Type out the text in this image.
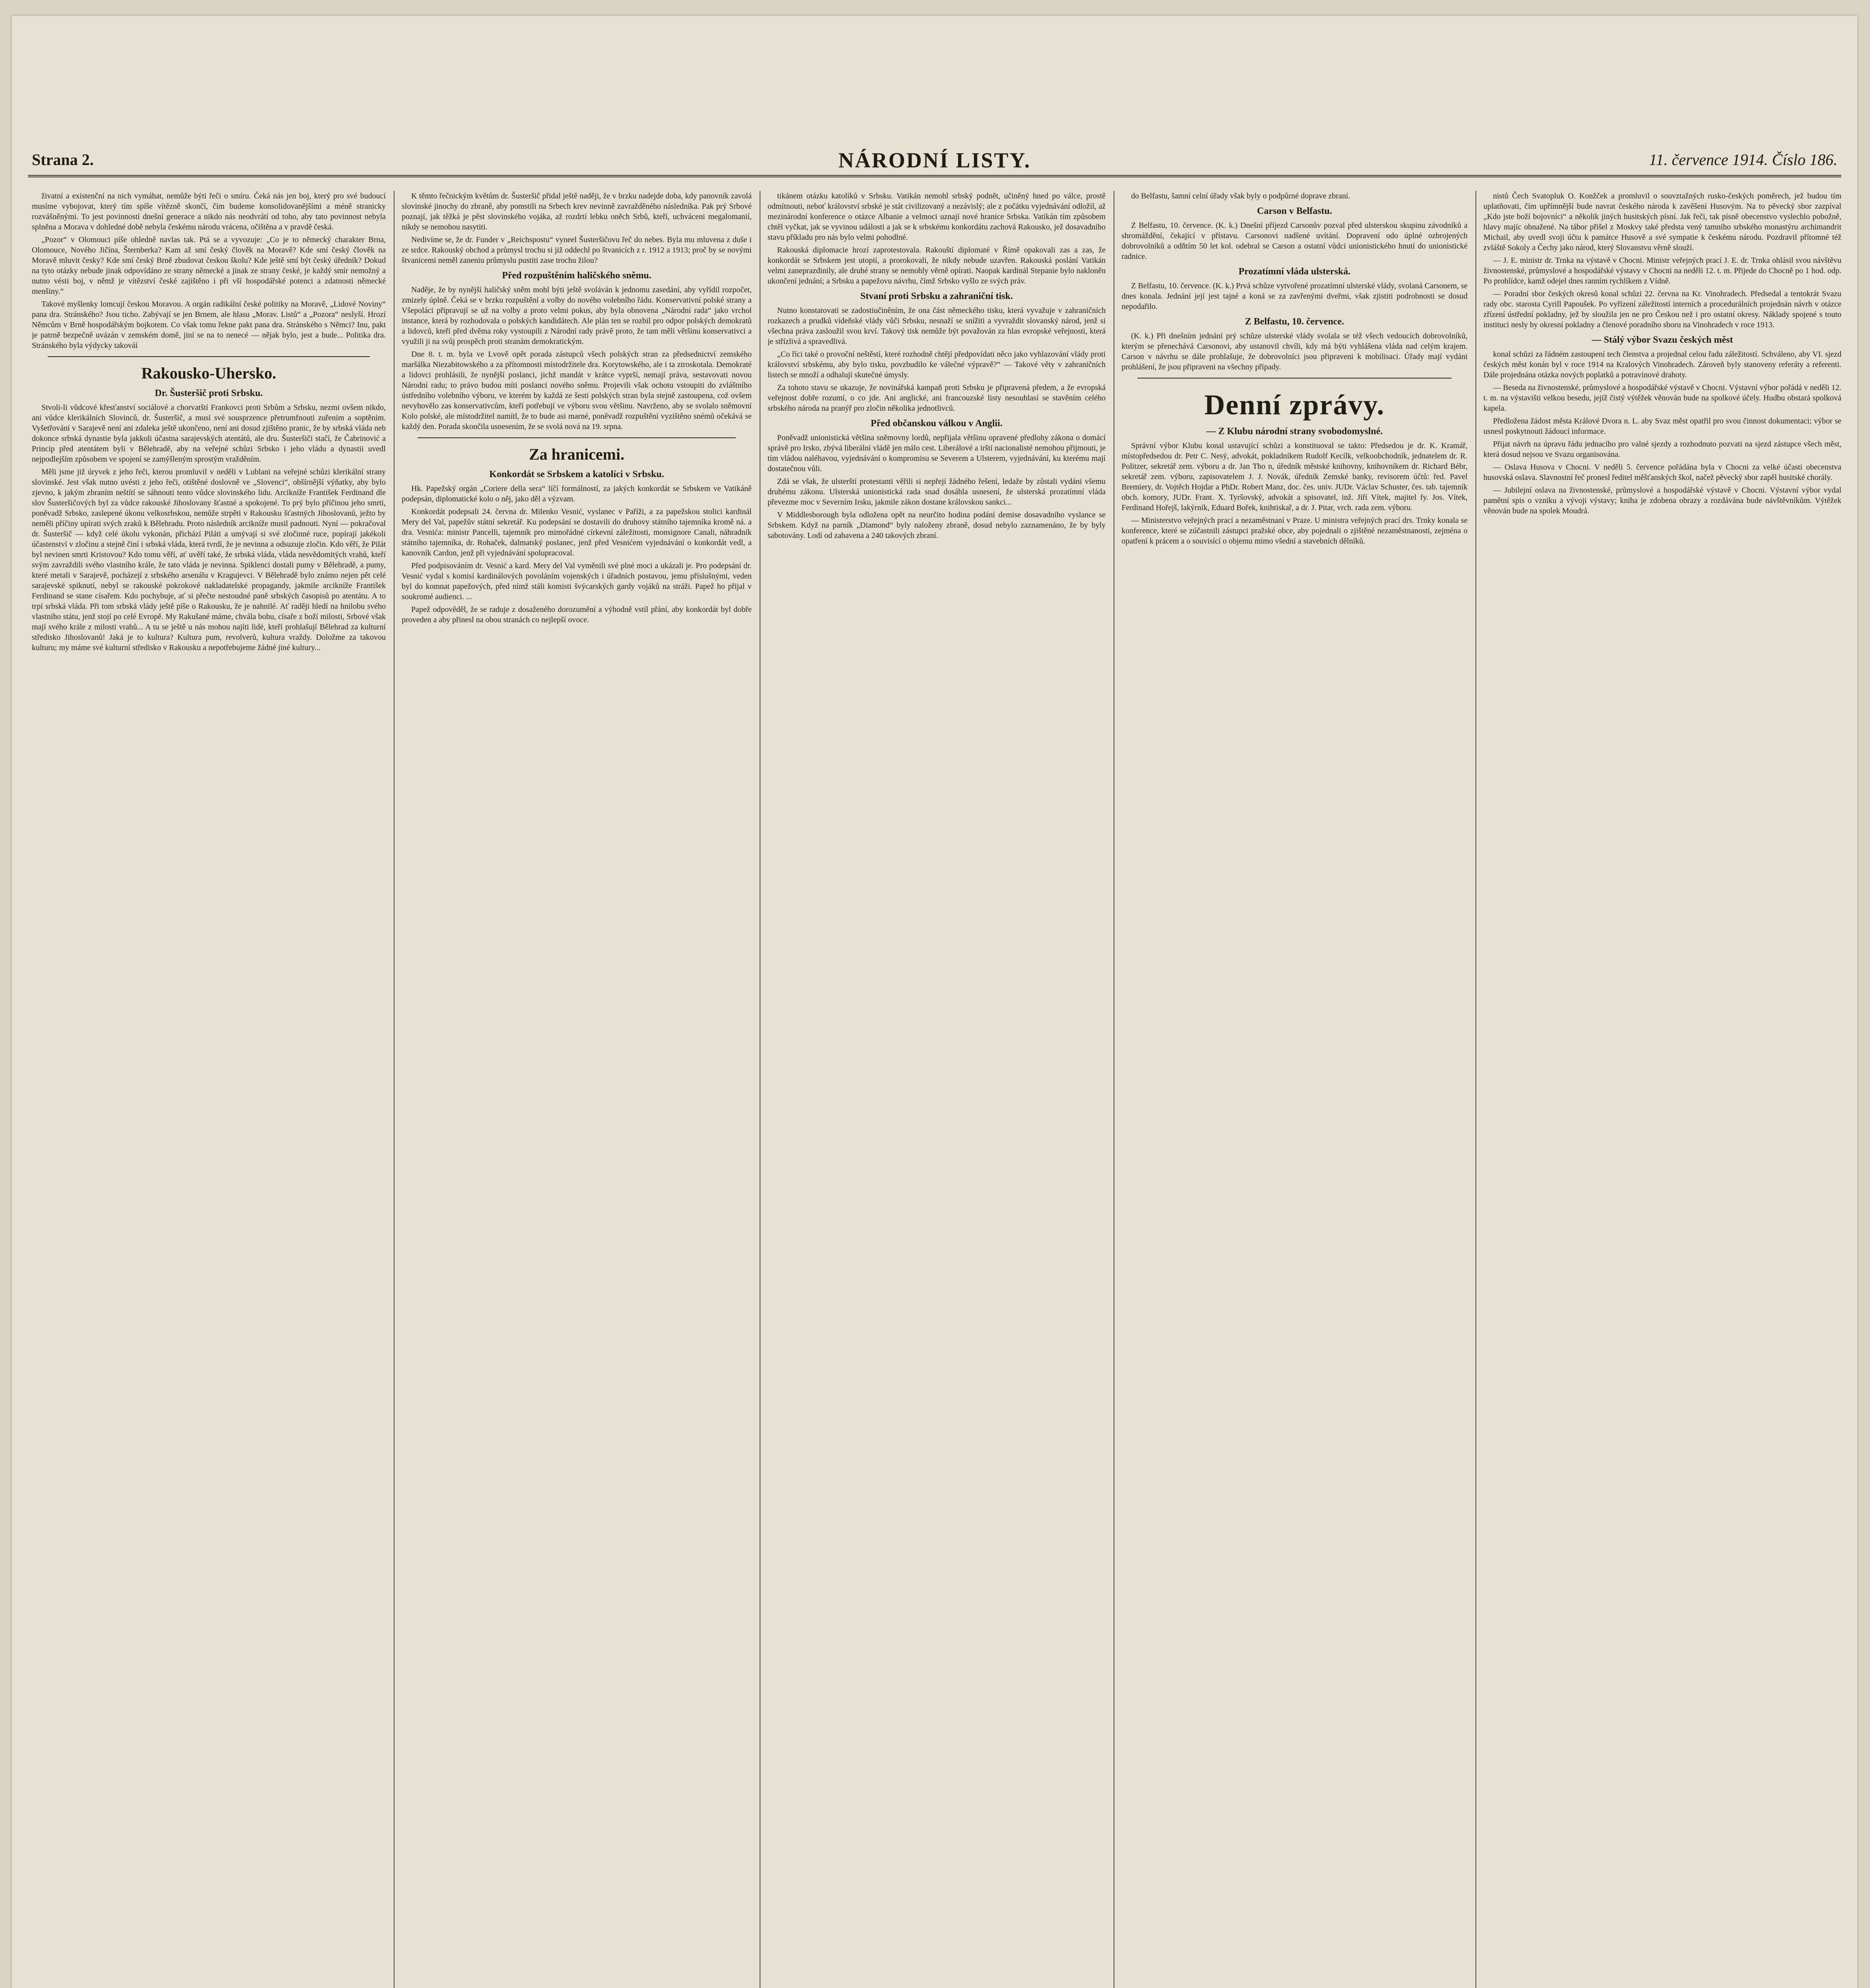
Strana 2.	NÁRODNÍ LISTY.	11. července 1914. Číslo 186.

živatní a existenční na nich vymáhat, nemůže býti řeči o smíru. Čeká nás jen boj, který pro své budoucí musíme vybojovat, který tím spíše vítězně skončí, čím budeme konsolidovanějšími a méně stranicky rozvášněnými. To jest povinností dnešní generace a nikdo nás neodvrátí od toho, aby tato povinnost nebyla splněna a Morava v dohledné době nebyla českému národu vrácena, očištěna a v pravdě česká.

„Pozor“ v Olomouci píše ohledně navlas tak. Ptá se a vyvozuje: „Co je to německý charakter Brna, Olomouce, Nového Jičína, Šternberka? Kam až smí český člověk na Moravě? Kde smí český člověk na Moravě mluvit česky? Kde smí český Brně zbudovat českou školu? Kde ještě smí být český úředník? Dokud na tyto otázky nebude jinak odpovídáno ze strany německé a jinak ze strany české, je každý smír nemožný a nutno vésti boj, v němž je vítězství české zajištěno i při vší hospodářské potenci a zdatnosti německé menšiny.“

Takové myšlenky lomcují českou Moravou. A orgán radikální české politiky na Moravě, „Lidové Noviny“ pana dra. Stránského? Jsou ticho. Zabývají se jen Brnem, ale hlasu „Morav. Listů“ a „Pozora“ neslyší. Hrozí Němcům v Brně hospodářským bojkotem. Co však tomu řekne pakt pana dra. Stránského s Němci? Inu, pakt je patrně bezpečně uvázán v zemském domě, jiní se na to nenecé — nějak bylo, jest a bude... Politika dra. Stránského byla výdycky takováí

Rakousko-Uhersko.
Dr. Šusteršič proti Srbsku.

Stvoli-li vůdcové křesťanství sociálové a chorvatští Frankovci proti Srbům a Srbsku, nezmi ovšem nikdo, ani vůdce klerikálních Slovinců, dr. Šusteršič, a musí své sousprzence přetrumfnouti zuřením a soptěním. Vyšetřování v Sarajevě není ani zdaleka ještě ukončeno, není ani dosud zjištěno pranic, že by srbská vláda neb dokonce srbská dynastie byla jakkoli účastna sarajevských atentátů, ale dru. Šusteršiči stačí, že Čabrinović a Princip před atentátem byli v Bělehradě, aby na veřejné schůzi Srbsko i jeho vládu a dynastii uvedl nejpodlejším způsobem ve spojení se zamýšleným sprostým vražděním.

Měli jsme již úryvek z jeho řeči, kterou promluvil v neděli v Lublani na veřejné schůzi klerikální strany slovinské. Jest však nutno uvésti z jeho řeči, otištěné doslovně ve „Slovenci“, obšírnější výňatky, aby bylo zjevno, k jakým zbraním neštítí se sáhnouti tento vůdce slovinského lidu. Arcikníže František Ferdinand dle slov Šusteršičových byl za vůdce rakouské Jihoslovany šťastné a spokojené. To prý bylo příčinou jeho smrti, poněvadž Srbsko, zaslepené úkonu velkosrbskou, nemůže strpěti v Rakousku šťastných Jihoslovanů, ježto by neměli příčiny upírati svých zraků k Bělehradu. Proto následník arcikníže musil padnouti. Nyní — pokračoval dr. Šusteršič — když celé úkolu vykonán, přichází Piláti a umývají si své zločinné ruce, popírají jakékoli účastenství v zločinu a stejně činí i srbská vláda, která tvrdí, že je nevinna a odsuzuje zločin. Kdo věří, že Pilát byl nevinen smrti Kristovou? Kdo tomu věří, ať uvěří také, že srbská vláda, vláda nesvědomitých vrahů, kteří svým zavraždili svého vlastního krále, že tato vláda je nevinna. Spiklenci dostali pumy v Bělehradě, a pumy, které metali v Sarajevě, pocházejí z srbského arsenálu v Kragujevci. V Bělehradě bylo známo nejen pět celé sarajevské spiknutí, nebyl se rakouské pokrokové nakladatelské propagandy, jakmile arcikníže František Ferdinand se stane císařem. Kdo pochybuje, ať si přečte nestoudné paně srbských časopisů po atentátu. A to trpí srbská vláda. Při tom srbská vlády ještě píše o Rakousku, že je nahnilé. Ať raději hledí na hnilobu svého vlastního státu, jenž stojí po celé Evropě. My Rakušané máme, chvála bohu, císaře z boží milosti, Srbové však mají svého krále z milosti vrahů... A tu se ještě u nás mohou najíti lidé, kteří prohlašují Bělehrad za kulturní středisko Jihoslovanů! Jaká je to kultura? Kultura pum, revolverů, kultura vraždy. Doložme za takovou kulturu; my máme své kulturní středisko v Rakousku a nepotřebujeme žádné jiné kultury...

K těmto řečnickým květům dr. Šusteršič přidal ještě naději, že v brzku nadejde doba, kdy panovník zavolá slovinské jinochy do zbraně, aby pomstili na Srbech krev nevinně zavražděného následníka. Pak prý Srbové poznají, jak těžká je pěst slovinského vojáka, až rozdrtí lebku oněch Srbů, kteří, uchváceni megalomanií, nikdy se nemohou nasytiti.

Nedivíme se, že dr. Funder v „Reichspostu“ vyneel Šusteršičovu řeč do nebes. Byla mu mluvena z duše i ze srdce. Rakouský obchod a průmysl trochu si již oddechl po štvanicích z r. 1912 a 1913; proč by se novými štvanicemi neměl zaneniu průmyslu pustiti zase trochu žilou?

Před rozpuštěním haličského sněmu.

Naděje, že by nynější haličský sněm mohl býti ještě svoláván k jednomu zasedání, aby vyřídil rozpočet, zmizely úplně. Čeká se v brzku rozpuštění a volby do nového volebního řádu. Konservativní polské strany a Všepoláci připravují se už na volby a proto velmi pokus, aby byla obnovena „Národní rada“ jako vrchol instance, která by rozhodovala o polských kandidátech. Ale plán ten se rozbil pro odpor polských demokratů a lidovců, kteří před dvěma roky vystoupili z Národní rady právě proto, že tam měli většinu konservativci a využili ji na svůj prospěch proti stranám demokratickým.

Dne 8. t. m. byla ve Lvově opět porada zástupců všech polských stran za předsednictví zemského maršálka Niezabitowského a za přítomnosti místodržitele dra. Korytowského, ale i ta ztroskotala. Demokraté a lidovci prohlásili, že nynější poslanci, jichž mandát v krátce vyprší, nemají práva, sestavovati novou Národní radu; to právo budou míti poslanci nového sněmu. Projevili však ochotu vstoupiti do zvláštního ústředního volebního výboru, ve kterém by každá ze šesti polských stran byla stejně zastoupena, což ovšem nevyhovělo zas konservativcům, kteří potřebují ve výboru svou většinu. Navrženo, aby se svolalo sněmovní Kolo polské, ale místodržitel namítl, že to bude asi marné, poněvadž rozpuštění vyzištěno snémů očekává se každý den. Porada skončila usnesením, že se svolá nová na 19. srpna.

Za hranicemi.
Konkordát se Srbskem a katolíci v Srbsku.

Hk. Papežský orgán „Coriere della sera“ líčí formálností, za jakých konkordát se Srbskem ve Vatikáně podepsán, diplomatické kolo o něj, jako děl a výzvam.

Konkordát podepsali 24. června dr. Milenko Vesnić, vyslanec v Paříži, a za papežskou stolici kardinál Mery del Val, papežův státní sekretář. Ku podepsání se dostavili do druhovy státního tajemníka kromě ná. a dra. Vesnića: ministr Pancelli, tajemník pro mimořádné církevní záležitosti, monsignore Canali, náhradník státního tajemníka, dr. Rohaček, dalmatský poslanec, jenž před Vesnićem vyjednávání o konkordát vedl, a kanovník Cardon, jenž při vyjednávání spolupracoval.

Před podpisováním dr. Vesnić a kard. Mery del Val vyměnili své plné moci a ukázali je. Pro podepsání dr. Vesnić vydal s komisí kardinálových povoláním vojenských i úřadních postavou, jemu příslušnými, veden byl do komnat papežových, před nímž stáli komisti švýcarských gardy vojáků na stráži. Papež ho přijal v soukromé audienci. ...

Papež odpověděl, že se raduje z dosaženého dorozumění a výhodně vstíl přání, aby konkordát byl dobře proveden a aby přinesl na obou stranách co nejlepší ovoce.

tikánem otázku katolíků v Srbsku. Vatikán nemohl srbský podnět, učiněný hned po válce, prostě odmítnouti, neboť království srbské je stát civilizovaný a nezávislý; ale z počátku vyjednávání odložil, až mezinárodní konference o otázce Albanie a velmoci uznají nové hranice Srbska. Vatikán tím způsobem chtěl vyčkat, jak se vyvinou události a jak se k srbskému konkordátu zachová Rakousko, jež dosavadního stavu příkladu pro nás bylo velmi pohodlné.

Rakouská diplomacie hrozí zaprotestovala. Rakouští diplomaté v Římě opakovali zas a zas, že konkordát se Srbskem jest utopií, a prorokovali, že nikdy nebude uzavřen. Rakouská poslání Vatikán velmi zaneprazdinily, ale druhé strany se nemohly věrně opírati. Naopak kardinál Stepanie bylo nakloněn ukončení jednání; a Srbsku a papežovu návrhu, čímž Srbsko vyšlo ze svých práv.

Stvaní proti Srbsku a zahraniční tisk.

Nutno konstatovati se zadostiučiněním, že ona část německého tisku, která vyvažuje v zahraničních rozkazech a prudků vídeňské vlády vůči Srbsku, nesnaží se snížiti a vyvraždit slovanský národ, jenž si všechna práva zasloužil svou krví. Takový tisk nemůže být považován za hlas evropské veřejnosti, která je střízlivá a spravedlivá.

„Co říci také o provoční neštěstí, které rozhodně chtějí předpovídati něco jako vyhlazování vlády proti království srbskému, aby bylo tisku, povzbudilo ke válečné výpravě?“ — Takové věty v zahraničních listech se množí a odhalují skutečné úmysly.

Za tohoto stavu se ukazuje, že novinářská kampaň proti Srbsku je připravená předem, a že evropská veřejnost dobře rozumí, o co jde. Ani anglické, ani francouzské listy nesouhlasí se stavěním celého srbského národa na pranýř pro zločin několika jednotlivců.

Před občanskou válkou v Anglii.

Poněvadž unionistická většina sněmovny lordů, nepřijala většinu opravené předlohy zákona o domácí správě pro Irsko, zbývá liberální vládě jen málo cest. Liberálové a irští nacionalisté nemohou přijmouti, je tím vládou naléhavou, vyjednávání o kompromisu se Severem a Ulsterem, vyjednávání, ku kterému mají dostatečnou vůli.

Zdá se však, že ulsterští protestanti věřili si nepřejí žádného řešení, ledaže by zůstali vydáni všemu druhému zákonu. Ulsterská unionistická rada snad dosáhla usnesení, že ulsterská prozatímní vláda převezme moc v Severním Irsku, jakmile zákon dostane královskou sankci...

V Middlesborough byla odložena opět na neurčito hodina podání demise dosavadního vyslance se Srbskem. Když na parník „Diamond“ byly naloženy zbraně, dosud nebylo zaznamenáno, že by byly sabotovány. Lodí od zabavena a 240 takových zbraní.

do Belfastu, šamní celní úřady však byly o podpůrné doprave zbraní.

Carson v Belfastu.

Z Belfastu, 10. července. (K. k.) Dnešní příjezd Carsonův pozval před ulsterskou skupinu závodníků a shromáždění, čekající v přístavu. Carsonovi nadšené uvítání. Dopravení odo úplné ozbrojených dobrovolníků a odňtím 50 let kol. odebral se Carson a ostatní vůdci unionistického hnutí do unionistické radnice.

Prozatímní vláda ulsterská.

Z Belfastu, 10. července. (K. k.) Prvá schůze vytvořené prozatímní ulsterské vlády, svolaná Carsonem, se dnes konala. Jednání její jest tajné a koná se za zavřenými dveřmi, však zjistiti podrobnosti se dosud nepodařilo.

Z Belfastu, 10. července.

(K. k.) Při dnešním jednání prý schůze ulsterské vlády svolala se též všech vedoucích dobrovolníků, kterým se přenechává Carsonovi, aby ustanovil chvíli, kdy má býti vyhlášena vláda nad celým krajem. Carson v návrhu se dále prohlašuje, že dobrovolníci jsou připraveni k mobilisaci. Úřady mají vydáni prohlášení, že jsou připraveni na všechny případy.

Denní zprávy.
— Z Klubu národní strany svobodomyslné.

Správní výbor Klubu konal ustavující schůzi a konstituoval se takto: Předsedou je dr. K. Kramář, místopředsedou dr. Petr C. Nesý, advokát, pokladníkem Rudolf Kecílk, velkoobchodník, jednatelem dr. R. Politzer, sekretář zem. výboru a dr. Jan Tho n, úředník městské knihovny, knihovníkem dr. Richard Bébr, sekretář zem. výboru, zapisovatelem J. J. Novák, úředník Zemské banky, revisorem účtů: řed. Pavel Bremiery, dr. Vojtěch Hojdar a PhDr. Robert Manz, doc. čes. univ. JUDr. Václav Schuster, čes. tab. tajemník obch. komory, JUDr. Frant. X. Tyršovský, advokát a spisovatel, inž. Jiří Vítek, majitel fy. Jos. Vítek, Ferdinand Hořejš, lakýrník, Eduard Bořek, knihtiskař, a dr. J. Pitar, vrch. rada zem. výboru.

— Ministerstvo veřejných prací a nezaměstnaní v Praze. U ministra veřejných prací drs. Trnky konala se konference, které se zúčastnili zástupci pražské obce, aby pojednali o zjištěné nezaměstnanosti, zejména o opatření k prácem a o souvisící o objemu mimo všední a stavebních dělníků.

nistů Čech Svatopluk O. Konžček a promluvil o souvztažných rusko-českých poměrech, jež budou tím uplatňovati, čím upřímnější bude navrat českého národa k zavěšení Husovým. Na to pěvecký sbor zazpíval „Kdo jste boží bojovníci“ a několik jiných husitských písní. Jak řeči, tak písně obecenstvo vyslechlo pobožně, hlavy majíc obnažené. Na tábor přišel z Moskvy také předsta vený tamního srbského monastýru archimandrit Michail, aby uvedl svoji účtu k památce Husově a své sympatie k českému národu. Pozdravil přítomné též zvláště Sokoly a Čechy jako národ, který Slovanstvu věrně slouží.

— J. E. ministr dr. Trnka na výstavě v Chocni. Ministr veřejných prací J. E. dr. Trnka ohlásil svou návštěvu živnostenské, průmyslové a hospodářské výstavy v Chocni na neděli 12. t. m. Přijede do Chocně po 1 hod. odp. Po prohlídce, kamž odejel dnes ranním rychlíkem z Vídně.

— Poradní sbor českých okresů konal schůzi 22. června na Kr. Vinohradech. Předsedal a tentokrát Svazu rady obc. starosta Cyrill Papoušek. Po vyřízení záležitostí interních a procedurálních projednán návrh v otázce zřízení ústřední pokladny, jež by sloužila jen ne pro Českou než i pro ostatní okresy. Náklady spojené s touto instituci nesly by okresní pokladny a členové poradního sboru na Vinohradech v roce 1913.

— Stálý výbor Svazu českých měst

konal schůzi za řádném zastoupení tech členstva a projednal celou řadu záležitostí. Schváleno, aby VI. sjezd českých měst konán byl v roce 1914 na Kralových Vinohradech. Zároveň byly stanoveny referáty a referenti. Dále projednána otázka nových poplatků a potravinové drahoty.

— Beseda na živnostenské, průmyslové a hospodářské výstavě v Chocni. Výstavní výbor pořádá v neděli 12. t. m. na výstavišti velkou besedu, jejíž čistý výtěžek věnován bude na spolkové účely. Hudbu obstará spolková kapela.

Předložena žádost města Králové Dvora n. L. aby Svaz měst opatřil pro svou činnost dokumentaci; výbor se usnesl poskytnouti žádoucí informace.

Přijat návrh na úpravu řádu jednacího pro valné sjezdy a rozhodnuto pozvati na sjezd zástupce všech měst, která dosud nejsou ve Svazu organisována.

— Oslava Husova v Chocni. V neděli 5. července pořádána byla v Chocni za velké účasti obecenstva husovská oslava. Slavnostní řeč pronesl ředitel měšťanských škol, načež pěvecký sbor zapěl husitské chorály.

— Jubilejní oslava na živnostenské, průmyslové a hospodářské výstavě v Chocni. Výstavní výbor vydal pamětní spis o vzniku a vývoji výstavy; kniha je zdobena obrazy a rozdávána bude návštěvníkům. Výtěžek věnován bude na spolek Moudrá.
